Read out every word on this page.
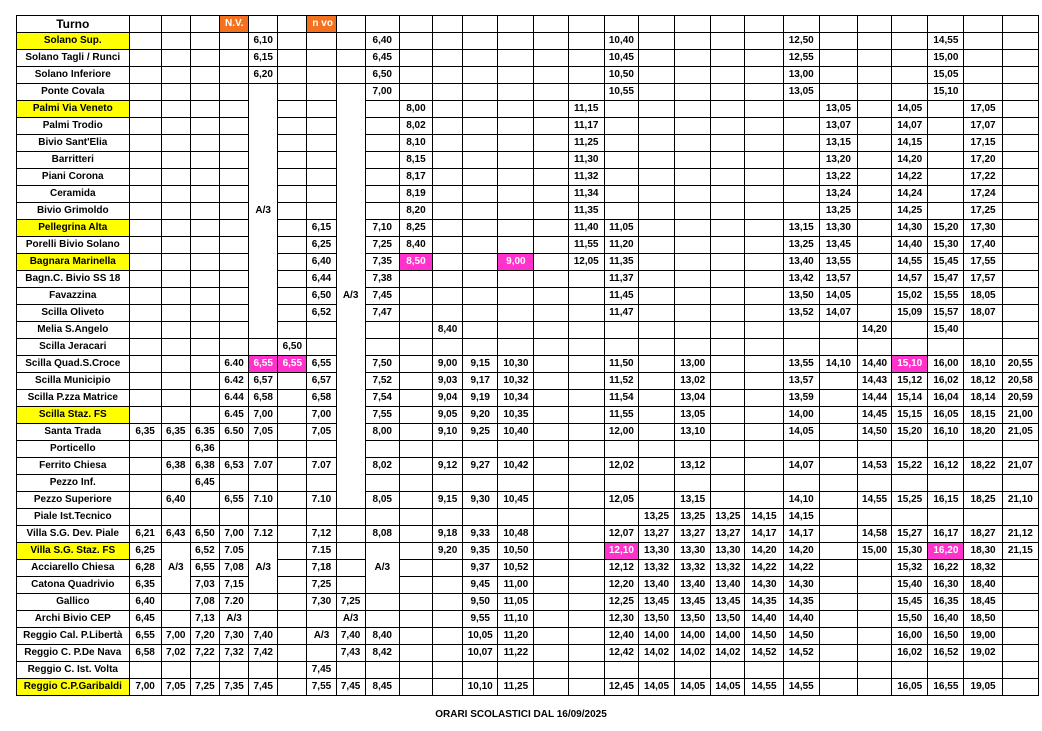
Turno				N.V.			n vo																				
Solano Sup.					6,10				6,40							10,40					12,50				14,55		
Solano Tagli / Runci					6,15				6,45							10,45					12,55				15,00		
Solano Inferiore					6,20				6,50							10,50					13,00				15,05		
Ponte Covala					A/3			A/3	7,00							10,55					13,05				15,10		
Palmi Via Veneto										8,00					11,15							13,05		14,05		17,05	
Palmi Trodio										8,02					11,17							13,07		14,07		17,07	
Bivio Sant'Elia										8,10					11,25							13,15		14,15		17,15	
Barritteri										8,15					11,30							13,20		14,20		17,20	
Piani Corona										8,17					11,32							13,22		14,22		17,22	
Ceramida										8,19					11,34							13,24		14,24		17,24	
Bivio Grimoldo										8,20					11,35							13,25		14,25		17,25	
Pellegrina Alta							6,15		7,10	8,25					11,40	11,05					13,15	13,30		14,30	15,20	17,30	
Porelli Bivio Solano							6,25		7,25	8,40					11,55	11,20					13,25	13,45		14,40	15,30	17,40	
Bagnara Marinella							6,40		7,35	8,50			9,00		12,05	11,35					13,40	13,55		14,55	15,45	17,55	
Bagn.C. Bivio SS 18							6,44		7,38							11,37					13,42	13,57		14,57	15,47	17,57	
Favazzina							6,50		7,45							11,45					13,50	14,05		15,02	15,55	18,05	
Scilla Oliveto							6,52		7,47							11,47					13,52	14,07		15,09	15,57	18,07	
Melia S.Angelo											8,40												14,20		15,40		
Scilla Jeracari						6,50																					
Scilla Quad.S.Croce				6.40	6,55	6,55	6,55		7,50		9,00	9,15	10,30			11,50		13,00			13,55	14,10	14,40	15,10	16,00	18,10	20,55
Scilla Municipio				6.42	6,57		6,57		7,52		9,03	9,17	10,32			11,52		13,02			13,57		14,43	15,12	16,02	18,12	20,58
Scilla P.zza Matrice				6.44	6,58		6,58		7,54		9,04	9,19	10,34			11,54		13,04			13,59		14,44	15,14	16,04	18,14	20,59
Scilla Staz. FS				6.45	7,00		7,00		7,55		9,05	9,20	10,35			11,55		13,05			14,00		14,45	15,15	16,05	18,15	21,00
Santa Trada	6,35	6,35	6.35	6.50	7,05		7,05		8,00		9,10	9,25	10,40			12,00		13,10			14,05		14,50	15,20	16,10	18,20	21,05
Porticello			6,36																								
Ferrito Chiesa		6,38	6,38	6,53	7.07		7.07		8,02		9,12	9,27	10,42			12,02		13,12			14,07		14,53	15,22	16,12	18,22	21,07
Pezzo Inf.			6,45																								
Pezzo Superiore		6,40		6,55	7.10		7.10		8,05		9,15	9,30	10,45			12,05		13,15			14,10		14,55	15,25	16,15	18,25	21,10
Piale Ist.Tecnico																	13,25	13,25	13,25	14,15	14,15						
Villa S.G. Dev. Piale	6,21	6,43	6,50	7,00	7.12		7,12		8,08		9,18	9,33	10,48			12,07	13,27	13,27	13,27	14,17	14,17		14,58	15,27	16,17	18,27	21,12
Villa S.G. Staz. FS	6,25	A/3	6,52	7.05	A/3		7.15		A/3		9,20	9,35	10,50			12,10	13,30	13,30	13,30	14,20	14,20		15,00	15,30	16,20	18,30	21,15
Acciarello Chiesa	6,28		6,55	7,08			7,18					9,37	10,52			12,12	13,32	13,32	13,32	14,22	14,22			15,32	16,22	18,32	
Catona Quadrivio	6,35		7,03	7,15			7,25					9,45	11,00			12,20	13,40	13,40	13,40	14,30	14,30			15,40	16,30	18,40	
Gallico	6,40		7,08	7.20			7,30	7,25				9,50	11,05			12,25	13,45	13,45	13,45	14,35	14,35			15,45	16,35	18,45	
Archi Bivio CEP	6,45		7,13	A/3				A/3				9,55	11,10			12,30	13,50	13,50	13,50	14,40	14,40			15,50	16,40	18,50	
Reggio Cal. P.Libertà	6,55	7,00	7,20	7,30	7,40		A/3	7,40	8,40			10,05	11,20			12,40	14,00	14,00	14,00	14,50	14,50			16,00	16,50	19,00	
Reggio C. P.De Nava	6,58	7,02	7,22	7,32	7,42			7,43	8,42			10,07	11,22			12,42	14,02	14,02	14,02	14,52	14,52			16,02	16,52	19,02	
Reggio C. Ist. Volta							7,45																				
Reggio C.P.Garibaldi	7,00	7,05	7,25	7,35	7,45		7,55	7,45	8,45			10,10	11,25			12,45	14,05	14,05	14,05	14,55	14,55			16,05	16,55	19,05	
ORARI SCOLASTICI DAL 16/09/2025
